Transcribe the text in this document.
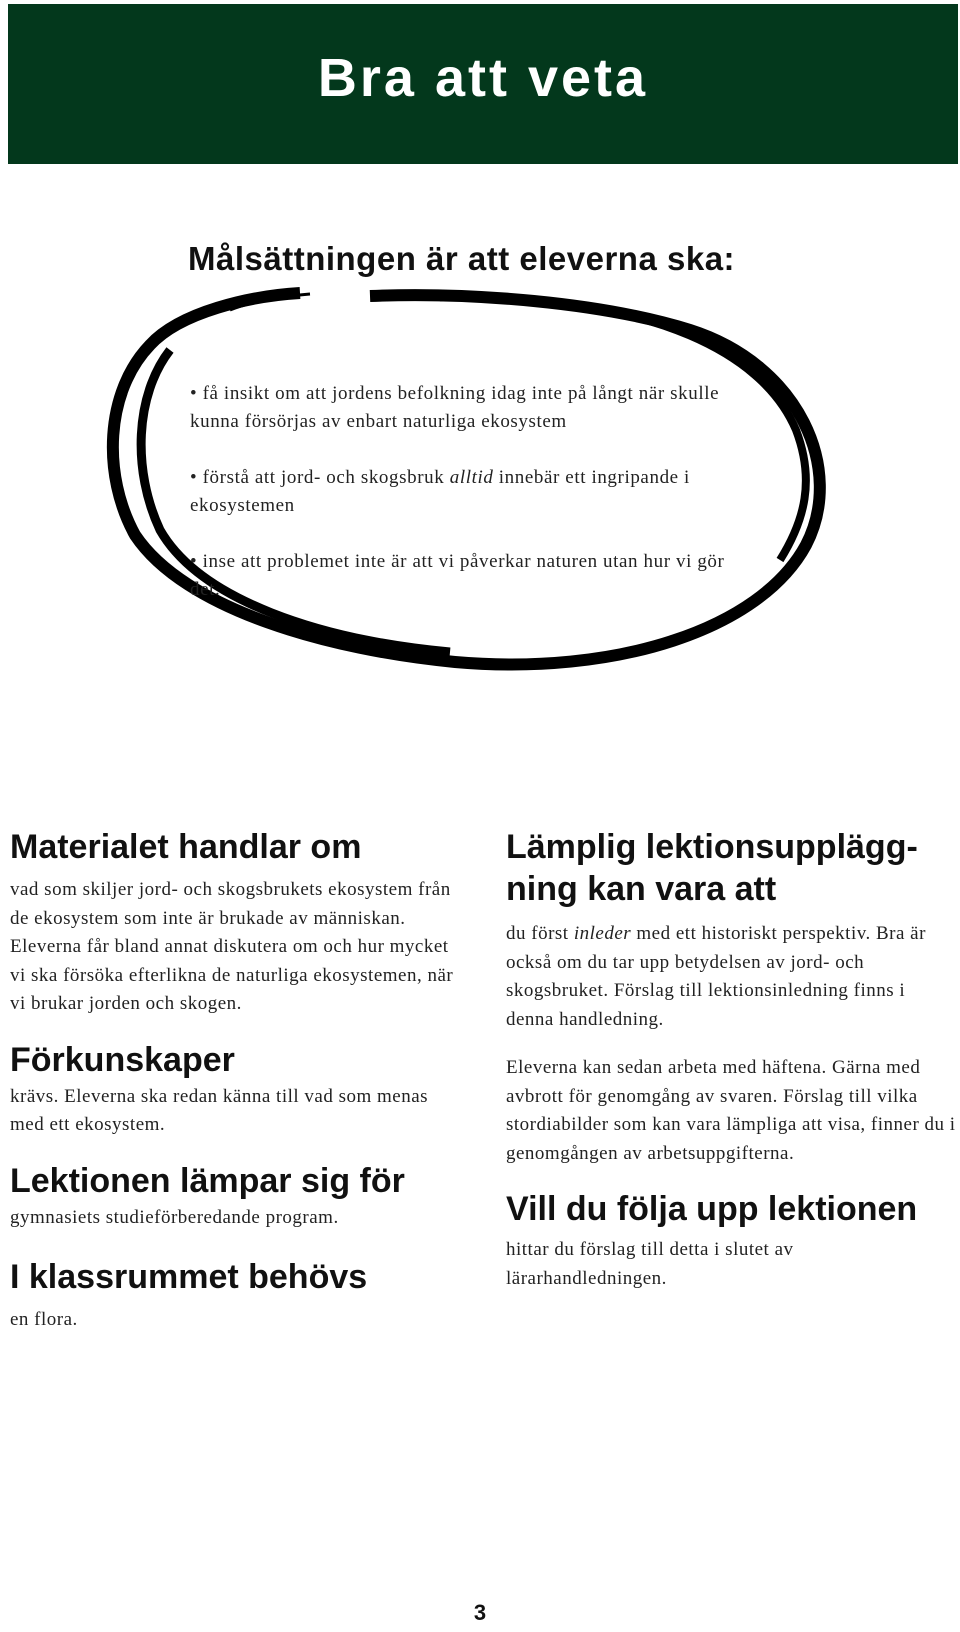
Bra att veta
Målsättningen är att eleverna ska:
• få insikt om att jordens befolkning idag inte på långt när skulle kunna försörjas av enbart naturliga ekosystem
• förstå att jord- och skogsbruk alltid innebär ett ingripande i ekosystemen
• inse att problemet inte är att vi påverkar naturen utan hur vi gör det.
Materialet handlar om

vad som skiljer jord- och skogsbrukets ekosystem från de ekosystem som inte är brukade av människan. Eleverna får bland annat diskutera om och hur mycket vi ska försöka efterlikna de naturliga ekosystemen, när vi brukar jorden och skogen.

Förkunskaper

krävs. Eleverna ska redan känna till vad som menas med ett ekosystem.

Lektionen lämpar sig för

gymnasiets studieförberedande program.

I klassrummet behövs

en flora.

Lämplig lektionsupplägg-ning kan vara att

du först inleder med ett historiskt perspektiv. Bra är också om du tar upp betydelsen av jord- och skogsbruket. Förslag till lektionsinledning finns i denna handledning.

Eleverna kan sedan arbeta med häftena. Gärna med avbrott för genomgång av svaren. Förslag till vilka stordiabilder som kan vara lämpliga att visa, finner du i genomgången av arbetsuppgifterna.

Vill du följa upp lektionen

hittar du förslag till detta i slutet av lärarhandledningen.

3
